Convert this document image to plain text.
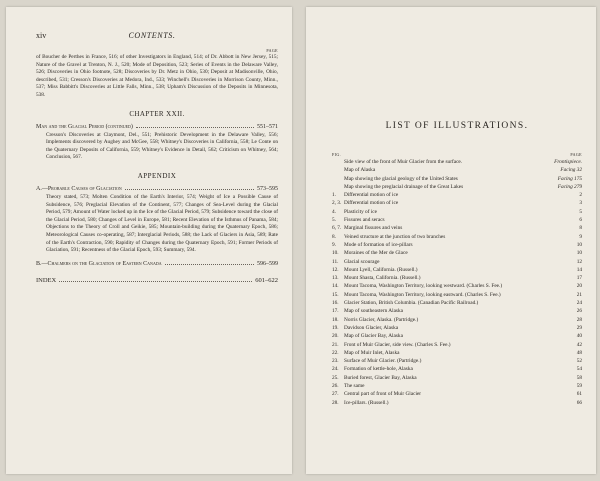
xiv	CONTENTS.
PAGE
of Boucher de Perthes in France, 516; of other Investigators in England, 514; of Dr. Abbott in New Jersey, 515; Nature of the Gravel at Trenton, N. J., 520; Mode of Deposition, 523; Series of Events in the Delaware Valley, 526; Discoveries in Ohio footnote, 528; Discoveries by Dr. Metz in Ohio, 530; Deposit at Madisonville, Ohio, described, 531; Cresson's Discoveries at Medora, Ind., 533; Winchell's Discoveries in Morrison County, Minn., 537; Miss Babbitt's Discoveries at Little Falls, Minn., 538; Upham's Discussion of the Deposits in Minnesota, 538.
CHAPTER XXII.
Man and the Glacial Period (continued)	551–571
Cresson's Discoveries at Claymont, Del., 551; Prehistoric Development in the Delaware Valley, 556; Implements discovered by Aughey and McGee, 558; Whitney's Discoveries in California, 558; Le Conte on the Quaternary Deposits of California, 559; Whitney's Evidence in Detail, 562; Criticism on Whitney, 564; Conclusion, 567.
APPENDIX
A.—Probable Causes of Glaciation	573–595
Theory stated, 573; Molten Condition of the Earth's Interior, 574; Weight of Ice a Possible Cause of Subsidence, 576; Preglacial Elevation of the Continent, 577; Changes of Sea-Level during the Glacial Period, 579; Amount of Water locked up in the Ice of the Glacial Period, 579; Subsidence toward the close of the Glacial Period, 580; Changes of Level in Europe, 581; Recent Elevation of the Isthmus of Panama, 584; Objections to the Theory of Croll and Geikie, 585; Mountain-building during the Quaternary Epoch, 586; Meteorological Causes co-operating, 587; Interglacial Periods, 588; the Lack of Glaciers in Asia, 589; Rate of the Earth's Contraction, 590; Rapidity of Changes during the Quaternary Epoch, 591; Former Periods of Glaciation, 591; Recentness of the Glacial Epoch, 593; Summary, 594.
B.—Chalmers on the Glaciation of Eastern Canada	596–599
INDEX	601–622
LIST OF ILLUSTRATIONS.
FIG.	PAGE
Side view of the front of Muir Glacier from the surface.	Frontispiece.
Map of Alaska	Facing 32
Map showing the glacial geology of the United States	Facing 175
Map showing the preglacial drainage of the Great Lakes	Facing 279
1.	Differential motion of ice	2
2, 3. Differential motion of ice	3
4.	Plasticity of ice	5
5.	Fissures and seracs	6
6, 7. Marginal fissures and veins	8
8.	Veined structure at the junction of two branches	9
9.	Mode of formation of ice-pillars	10
10.	Moraines of the Mer de Glace	10
11.	Glacial scourage	12
12.	Mount Lyell, California. (Russell.)	14
13.	Mount Shasta, California. (Russell.)	17
14.	Mount Tacoma, Washington Territory, looking westward. (Charles S. Fee.)	20
15.	Mount Tacoma, Washington Territory, looking eastward. (Charles S. Fee.)	21
16.	Glacier Station, British Columbia. (Canadian Pacific Railroad.)	24
17.	Map of southeastern Alaska	26
18.	Norris Glacier, Alaska. (Partridge.)	28
19.	Davidson Glacier, Alaska	29
20.	Map of Glacier Bay, Alaska	40
21.	Front of Muir Glacier, side view. (Charles S. Fee.)	42
22.	Map of Muir Inlet, Alaska	48
23.	Surface of Muir Glacier. (Partridge.)	52
24.	Formation of kettle-hole, Alaska	54
25.	Buried forest, Glacier Bay, Alaska	58
26.	The same	59
27.	Central part of front of Muir Glacier	61
28.	Ice-pillars. (Russell.)	66
